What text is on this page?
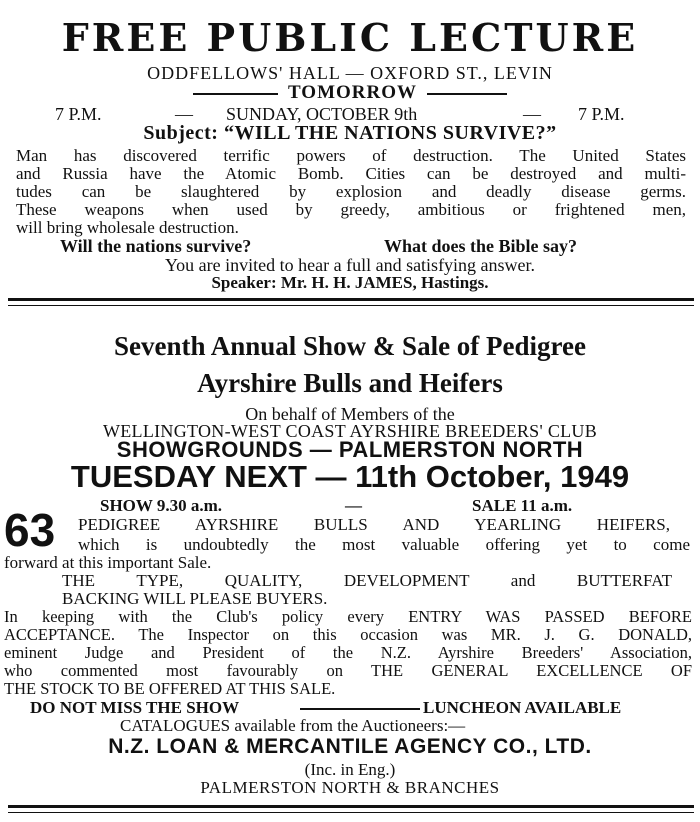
FREE PUBLIC LECTURE
ODDFELLOWS' HALL — OXFORD ST., LEVIN
TOMORROW
7 P.M.	— SUNDAY, OCTOBER 9th	— 7 P.M.
Subject: “WILL THE NATIONS SURVIVE?”
Man has discovered terrific powers of destruction. The United States
and Russia have the Atomic Bomb. Cities can be destroyed and multi-
tudes can be slaughtered by explosion and deadly disease germs.
These weapons when used by greedy, ambitious or frightened men,
will bring wholesale destruction.
Will the nations survive?	What does the Bible say?
You are invited to hear a full and satisfying answer.
Speaker: Mr. H. H. JAMES, Hastings.
Seventh Annual Show & Sale of Pedigree
Ayrshire Bulls and Heifers
On behalf of Members of the
WELLINGTON-WEST COAST AYRSHIRE BREEDERS' CLUB
SHOWGROUNDS — PALMERSTON NORTH
TUESDAY NEXT — 11th October, 1949
SHOW 9.30 a.m.	—	SALE 11 a.m.
63 PEDIGREE AYRSHIRE BULLS AND YEARLING HEIFERS,
which is undoubtedly the most valuable offering yet to come
forward at this important Sale.
THE TYPE, QUALITY, DEVELOPMENT and BUTTERFAT
BACKING WILL PLEASE BUYERS.
In keeping with the Club's policy every ENTRY WAS PASSED BEFORE
ACCEPTANCE. The Inspector on this occasion was MR. J. G. DONALD,
eminent Judge and President of the N.Z. Ayrshire Breeders' Association,
who commented most favourably on THE GENERAL EXCELLENCE OF
THE STOCK TO BE OFFERED AT THIS SALE.
DO NOT MISS THE SHOW	LUNCHEON AVAILABLE
CATALOGUES available from the Auctioneers:—
N.Z. LOAN & MERCANTILE AGENCY CO., LTD.
(Inc. in Eng.)
PALMERSTON NORTH & BRANCHES
